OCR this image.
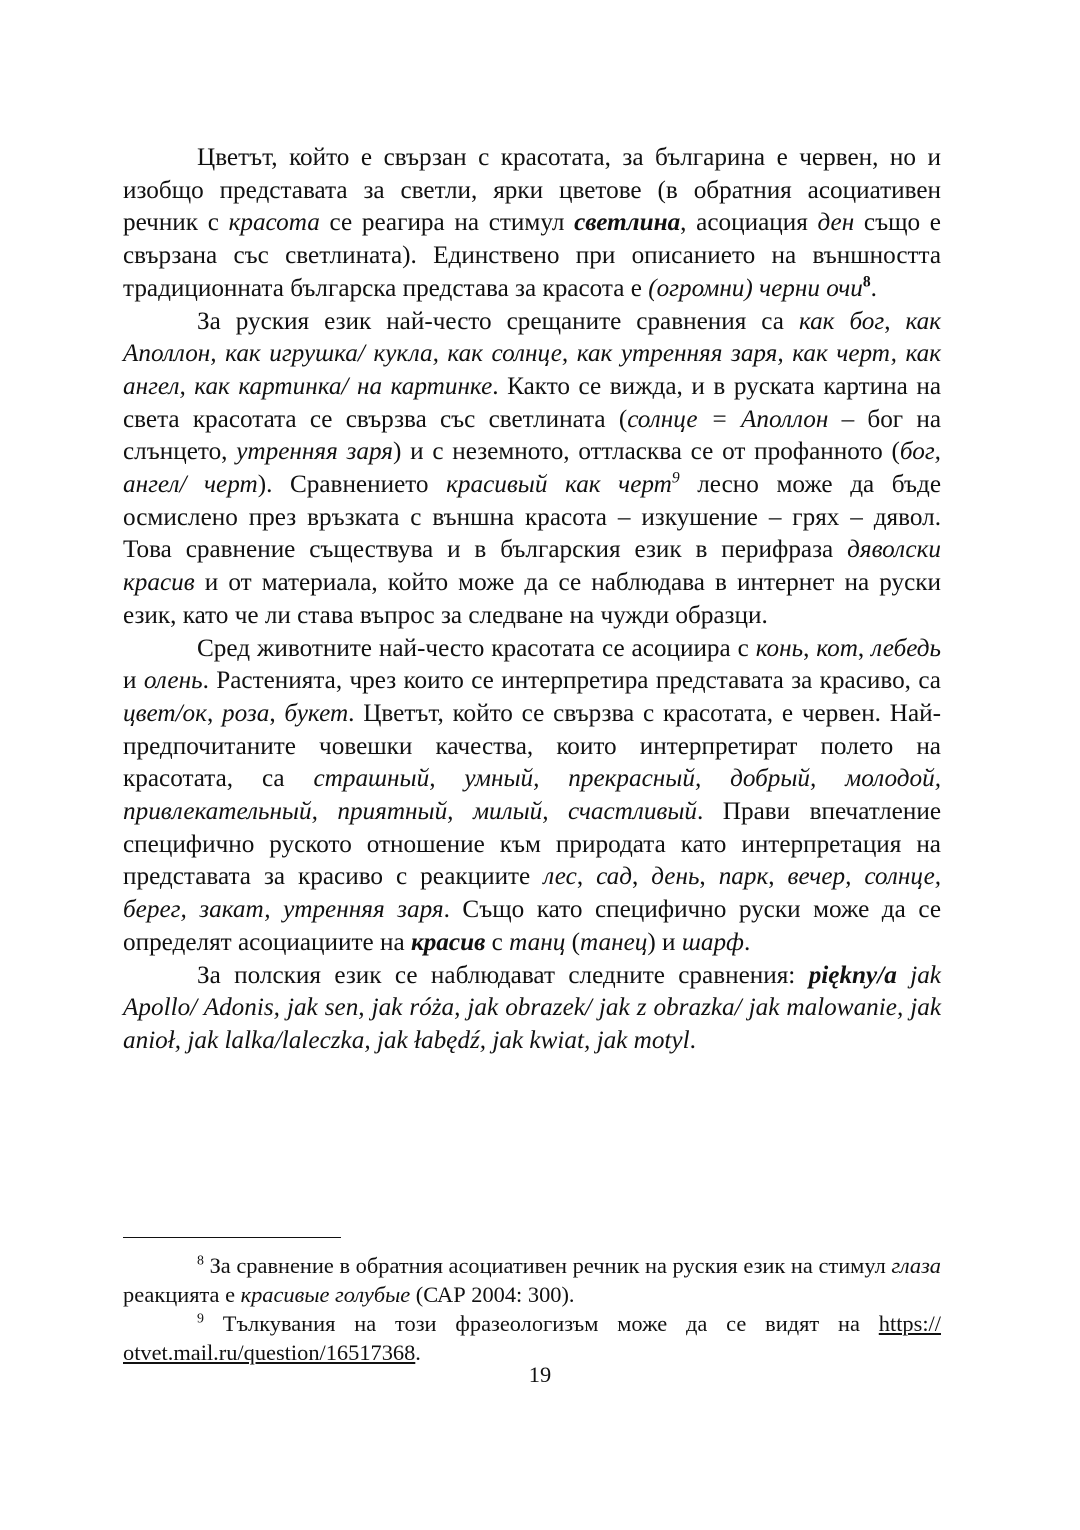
Цветът, който е свързан с красотата, за българина е червен, но и изобщо представата за светли, ярки цветове (в обратния асоциативен речник с красота се реагира на стимул светлина, асоциация ден също е свързана със светлината). Единствено при описанието на външността традиционната българска представа за красота е (огромни) черни очи$^8$.

За руския език най-често срещаните сравнения са как бог, как Аполлон, как игрушка/ кукла, как солнце, как утренняя заря, как черт, как ангел, как картинка/ на картинке. Както се вижда, и в руската картина на света красотата се свързва със светлината (солнце = Аполлон – бог на слънцето, утренняя заря) и с неземното, оттласква се от профанното (бог, ангел/ черт). Сравнението красивый как черт$^9$ лесно може да бъде осмислено през връзката с външна красота – изкушение – грях – дявол. Това сравнение съществува и в българския език в перифраза дяволски красив и от материала, който може да се наблюдава в интернет на руски език, като че ли става въпрос за следване на чужди образци.

Сред животните най-често красотата се асоциира с конь, кот, лебедь и олень. Растенията, чрез които се интерпретира представата за красиво, са цвет/ок, роза, букет. Цветът, който се свързва с красотата, е червен. Най-предпочитаните човешки качества, които интерпретират полето на красотата, са страшный, умный, прекрасный, добрый, молодой, привлекательный, приятный, милый, счастливый. Прави впечатление специфично руското отношение към природата като интерпретация на представата за красиво с реакциите лес, сад, день, парк, вечер, солнце, берег, закат, утренняя заря. Също като специфично руски може да се определят асоциациите на красив с танц (танец) и шарф.

За полския език се наблюдават следните сравнения: piękny/a jak Apollo/ Adonis, jak sen, jak róża, jak obrazek/ jak z obrazka/ jak malowanie, jak anioł, jak lalka/laleczka, jak łabędź, jak kwiat, jak motyl.

$^8$ За сравнение в обратния асоциативен речник на руския език на стимул глаза реакцията е красивые голубые (САР 2004: 300).

$^9$ Тълкувания на този фразеологизъм може да се видят на https:// otvet.mail.ru/question/16517368.

19
